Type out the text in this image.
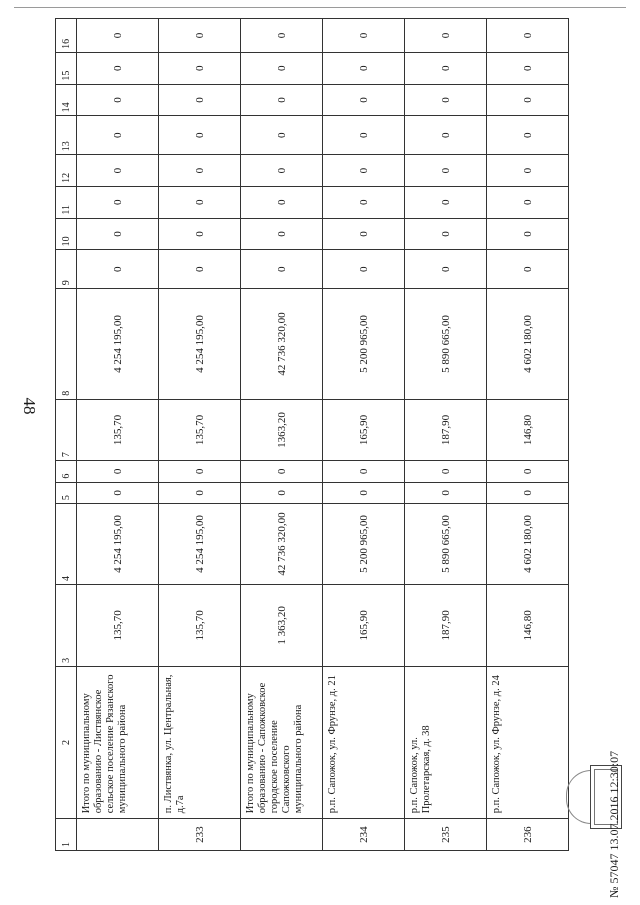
48
1	2	3	4	5	6	7	8	9	10	11	12	13	14	15	16
	Итого по муниципальному образованию - Листвянское сельское поселение Рязанского муниципального района	135,70	4 254 195,00	0	0	135,70	4 254 195,00	0	0	0	0	0	0	0	0
233	п. Листвянка, ул. Центральная, д.7а	135,70	4 254 195,00	0	0	135,70	4 254 195,00	0	0	0	0	0	0	0	0
	Итого по муниципальному образованию - Сапожковское городское поселение Сапожковского муниципального района	1 363,20	42 736 320,00	0	0	1363,20	42 736 320,00	0	0	0	0	0	0	0	0
234	р.п. Сапожок, ул. Фрунзе, д. 21	165,90	5 200 965,00	0	0	165,90	5 200 965,00	0	0	0	0	0	0	0	0
235	р.п. Сапожок, ул. Пролетарская, д. 38	187,90	5 890 665,00	0	0	187,90	5 890 665,00	0	0	0	0	0	0	0	0
236	р.п. Сапожок, ул. Фрунзе, д. 24	146,80	4 602 180,00	0	0	146,80	4 602 180,00	0	0	0	0	0	0	0	0
№ 57047 13.07.2016 12:30:07
